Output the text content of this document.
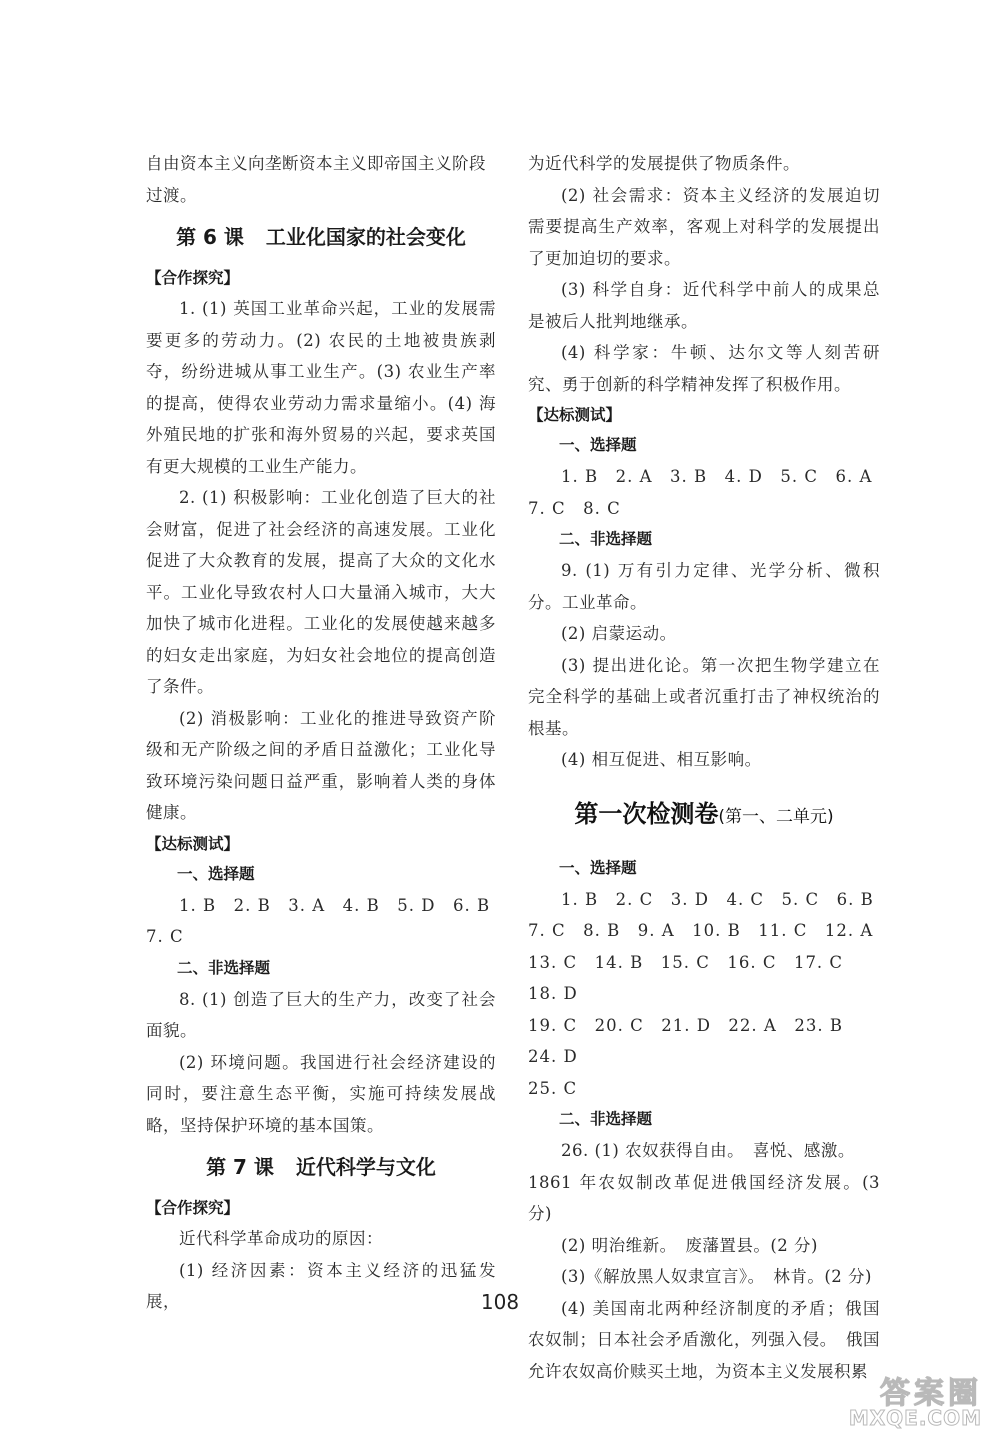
自由资本主义向垄断资本主义即帝国主义阶段

过渡。

第 6 课 工业化国家的社会变化

【合作探究】

1. (1) 英国工业革命兴起，工业的发展需要更多的劳动力。(2) 农民的土地被贵族剥夺，纷纷进城从事工业生产。(3) 农业生产率的提高，使得农业劳动力需求量缩小。(4) 海外殖民地的扩张和海外贸易的兴起，要求英国有更大规模的工业生产能力。

2. (1) 积极影响：工业化创造了巨大的社会财富，促进了社会经济的高速发展。工业化促进了大众教育的发展，提高了大众的文化水平。工业化导致农村人口大量涌入城市，大大加快了城市化进程。工业化的发展使越来越多的妇女走出家庭，为妇女社会地位的提高创造了条件。

(2) 消极影响：工业化的推进导致资产阶级和无产阶级之间的矛盾日益激化；工业化导致环境污染问题日益严重，影响着人类的身体健康。

【达标测试】

一、选择题

1. B　2. B　3. A　4. B　5. D　6. B

7. C

二、非选择题

8. (1) 创造了巨大的生产力，改变了社会面貌。

(2) 环境问题。我国进行社会经济建设的同时，要注意生态平衡，实施可持续发展战略，坚持保护环境的基本国策。

第 7 课 近代科学与文化

【合作探究】

近代科学革命成功的原因：

(1) 经济因素：资本主义经济的迅猛发展，

为近代科学的发展提供了物质条件。

(2) 社会需求：资本主义经济的发展迫切需要提高生产效率，客观上对科学的发展提出了更加迫切的要求。

(3) 科学自身：近代科学中前人的成果总是被后人批判地继承。

(4) 科学家：牛顿、达尔文等人刻苦研究、勇于创新的科学精神发挥了积极作用。

【达标测试】

一、选择题

1. B　2. A　3. B　4. D　5. C　6. A

7. C　8. C

二、非选择题

9. (1) 万有引力定律、光学分析、微积分。工业革命。

(2) 启蒙运动。

(3) 提出进化论。第一次把生物学建立在完全科学的基础上或者沉重打击了神权统治的根基。

(4) 相互促进、相互影响。

第一次检测卷(第一、二单元)

一、选择题

1. B　2. C　3. D　4. C　5. C　6. B

7. C　8. B　9. A　10. B　11. C　12. A

13. C　14. B　15. C　16. C　17. C　18. D

19. C　20. C　21. D　22. A　23. B　24. D

25. C

二、非选择题

26. (1) 农奴获得自由。　喜悦、感激。

1861 年农奴制改革促进俄国经济发展。(3 分)

(2) 明治维新。　废藩置县。(2 分)

(3)《解放黑人奴隶宣言》。　林肯。(2 分)

(4) 美国南北两种经济制度的矛盾；俄国农奴制；日本社会矛盾激化，列强入侵。　俄国允许农奴高价赎买土地，为资本主义发展积累

108
答案圈
MXQE.COM
